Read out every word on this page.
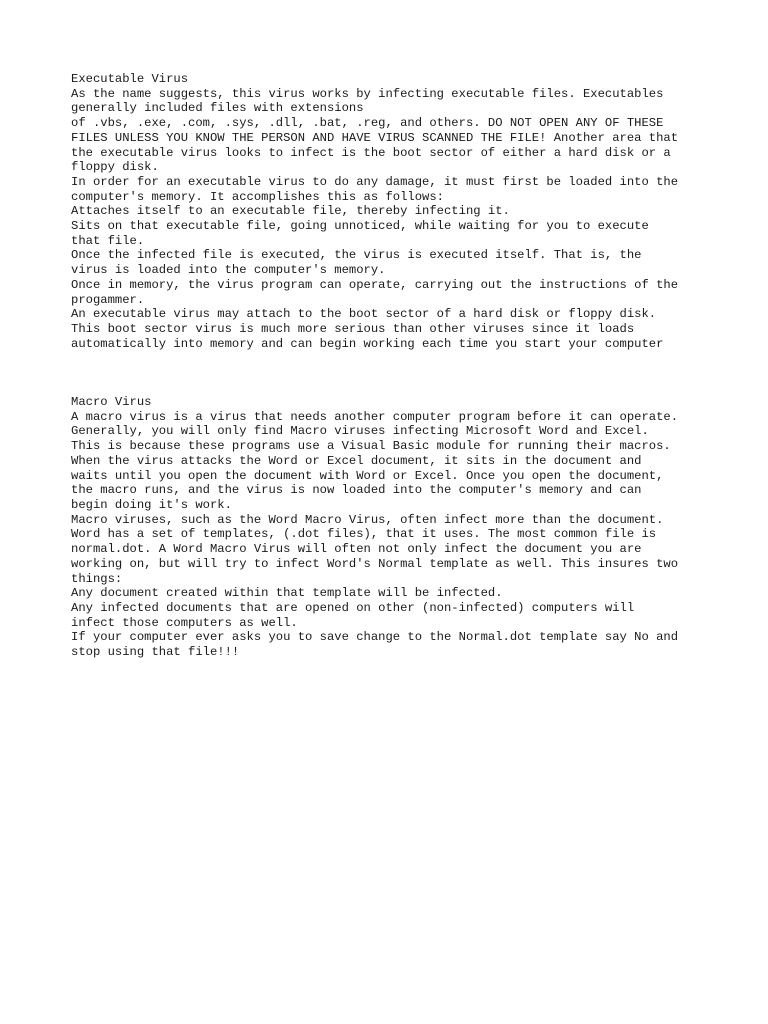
Executable Virus
As the name suggests, this virus works by infecting executable files. Executables
generally included files with extensions
of .vbs, .exe, .com, .sys, .dll, .bat, .reg, and others. DO NOT OPEN ANY OF THESE
FILES UNLESS YOU KNOW THE PERSON AND HAVE VIRUS SCANNED THE FILE! Another area that
the executable virus looks to infect is the boot sector of either a hard disk or a
floppy disk.
In order for an executable virus to do any damage, it must first be loaded into the
computer's memory. It accomplishes this as follows:
Attaches itself to an executable file, thereby infecting it.
Sits on that executable file, going unnoticed, while waiting for you to execute
that file.
Once the infected file is executed, the virus is executed itself. That is, the
virus is loaded into the computer's memory.
Once in memory, the virus program can operate, carrying out the instructions of the
progammer.
An executable virus may attach to the boot sector of a hard disk or floppy disk.
This boot sector virus is much more serious than other viruses since it loads
automatically into memory and can begin working each time you start your computer

Macro Virus
A macro virus is a virus that needs another computer program before it can operate.
Generally, you will only find Macro viruses infecting Microsoft Word and Excel.
This is because these programs use a Visual Basic module for running their macros.
When the virus attacks the Word or Excel document, it sits in the document and
waits until you open the document with Word or Excel. Once you open the document,
the macro runs, and the virus is now loaded into the computer's memory and can
begin doing it's work.
Macro viruses, such as the Word Macro Virus, often infect more than the document.
Word has a set of templates, (.dot files), that it uses. The most common file is
normal.dot. A Word Macro Virus will often not only infect the document you are
working on, but will try to infect Word's Normal template as well. This insures two
things:
Any document created within that template will be infected.
Any infected documents that are opened on other (non-infected) computers will
infect those computers as well.
If your computer ever asks you to save change to the Normal.dot template say No and
stop using that file!!!
